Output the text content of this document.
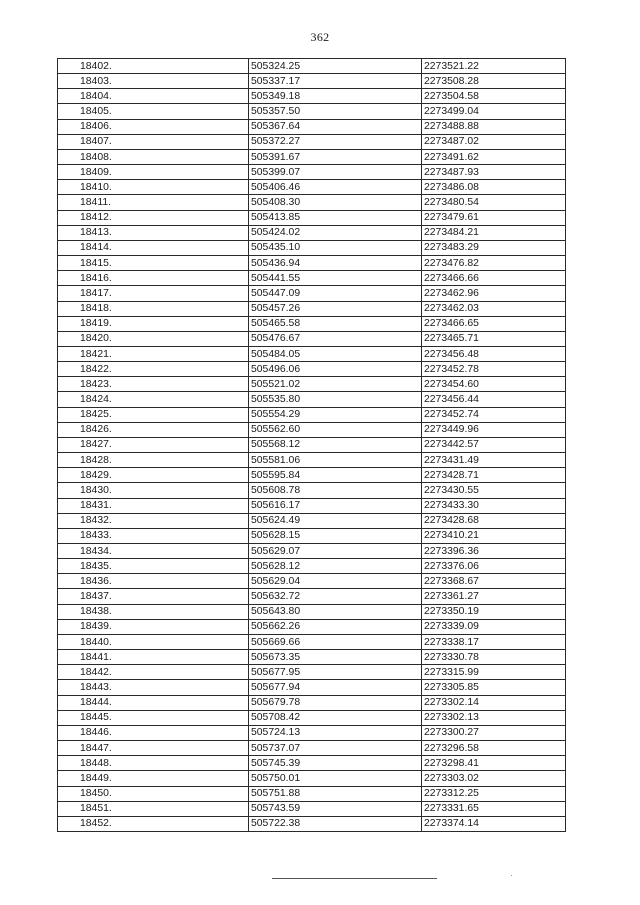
362
18402.	505324.25	2273521.22
18403.	505337.17	2273508.28
18404.	505349.18	2273504.58
18405.	505357.50	2273499.04
18406.	505367.64	2273488.88
18407.	505372.27	2273487.02
18408.	505391.67	2273491.62
18409.	505399.07	2273487.93
18410.	505406.46	2273486.08
18411.	505408.30	2273480.54
18412.	505413.85	2273479.61
18413.	505424.02	2273484.21
18414.	505435.10	2273483.29
18415.	505436.94	2273476.82
18416.	505441.55	2273466.66
18417.	505447.09	2273462.96
18418.	505457.26	2273462.03
18419.	505465.58	2273466.65
18420.	505476.67	2273465.71
18421.	505484.05	2273456.48
18422.	505496.06	2273452.78
18423.	505521.02	2273454.60
18424.	505535.80	2273456.44
18425.	505554.29	2273452.74
18426.	505562.60	2273449.96
18427.	505568.12	2273442.57
18428.	505581.06	2273431.49
18429.	505595.84	2273428.71
18430.	505608.78	2273430.55
18431.	505616.17	2273433.30
18432.	505624.49	2273428.68
18433.	505628.15	2273410.21
18434.	505629.07	2273396.36
18435.	505628.12	2273376.06
18436.	505629.04	2273368.67
18437.	505632.72	2273361.27
18438.	505643.80	2273350.19
18439.	505662.26	2273339.09
18440.	505669.66	2273338.17
18441.	505673.35	2273330.78
18442.	505677.95	2273315.99
18443.	505677.94	2273305.85
18444.	505679.78	2273302.14
18445.	505708.42	2273302.13
18446.	505724.13	2273300.27
18447.	505737.07	2273296.58
18448.	505745.39	2273298.41
18449.	505750.01	2273303.02
18450.	505751.88	2273312.25
18451.	505743.59	2273331.65
18452.	505722.38	2273374.14
